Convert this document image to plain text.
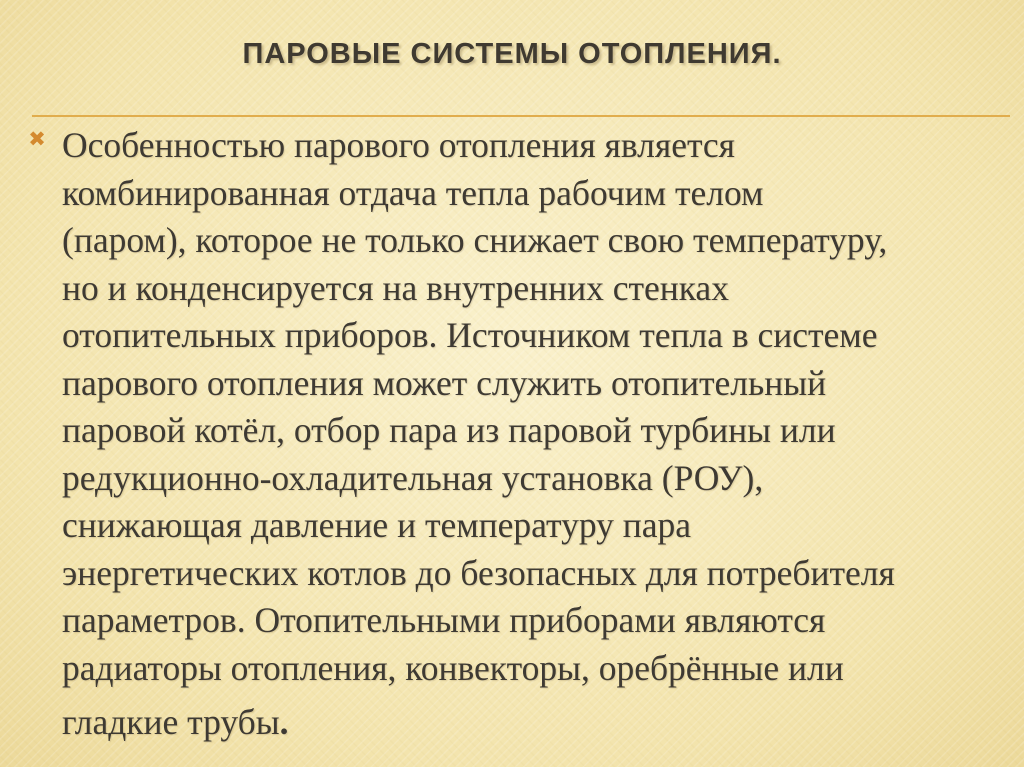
ПАРОВЫЕ СИСТЕМЫ ОТОПЛЕНИЯ.
✖ Особенностью парового отопления является
комбинированная отдача тепла рабочим телом
(паром), которое не только снижает свою температуру,
но и конденсируется на внутренних стенках
отопительных приборов. Источником тепла в системе
парового отопления может служить отопительный
паровой котёл, отбор пара из паровой турбины или
редукционно-охладительная установка (РОУ),
снижающая давление и температуру пара
энергетических котлов до безопасных для потребителя
параметров. Отопительными приборами являются
радиаторы отопления, конвекторы, оребрённые или
гладкие трубы.
